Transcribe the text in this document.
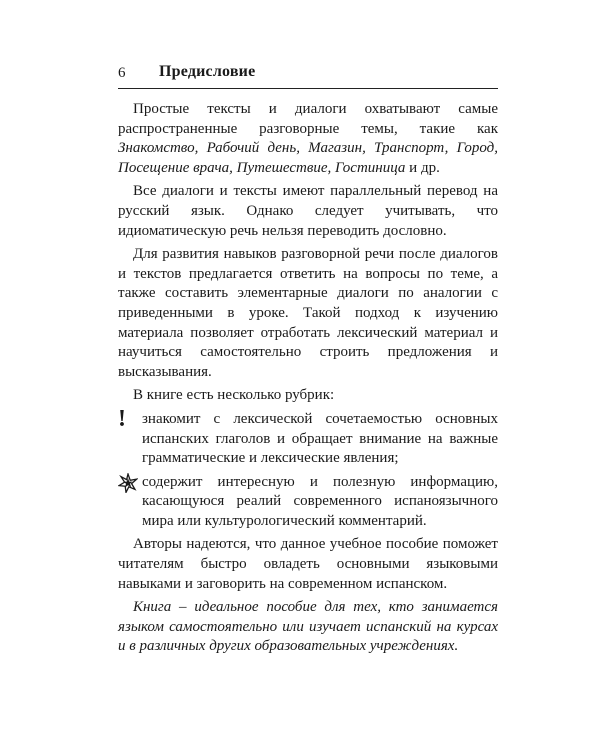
6 Предисловие

Простые тексты и диалоги охватывают самые распространенные разговорные темы, такие как Знакомство, Рабочий день, Магазин, Транспорт, Город, Посещение врача, Путешествие, Гостиница и др.

Все диалоги и тексты имеют параллельный перевод на русский язык. Однако следует учитывать, что идиоматическую речь нельзя переводить дословно.

Для развития навыков разговорной речи после диалогов и текстов предлагается ответить на вопросы по теме, а также составить элементарные диалоги по аналогии с приведенными в уроке. Такой подход к изучению материала позволяет отработать лексический материал и научиться самостоятельно строить предложения и высказывания.

В книге есть несколько рубрик:

! знакомит с лексической сочетаемостью основных испанских глаголов и обращает внимание на важные грамматические и лексические явления;
содержит интересную и полезную информацию, касающуюся реалий современного испаноязычного мира или культурологический комментарий.

Авторы надеются, что данное учебное пособие поможет читателям быстро овладеть основными языковыми навыками и заговорить на современном испанском.

Книга – идеальное пособие для тех, кто занимается языком самостоятельно или изучает испанский на курсах и в различных других образовательных учреждениях.
